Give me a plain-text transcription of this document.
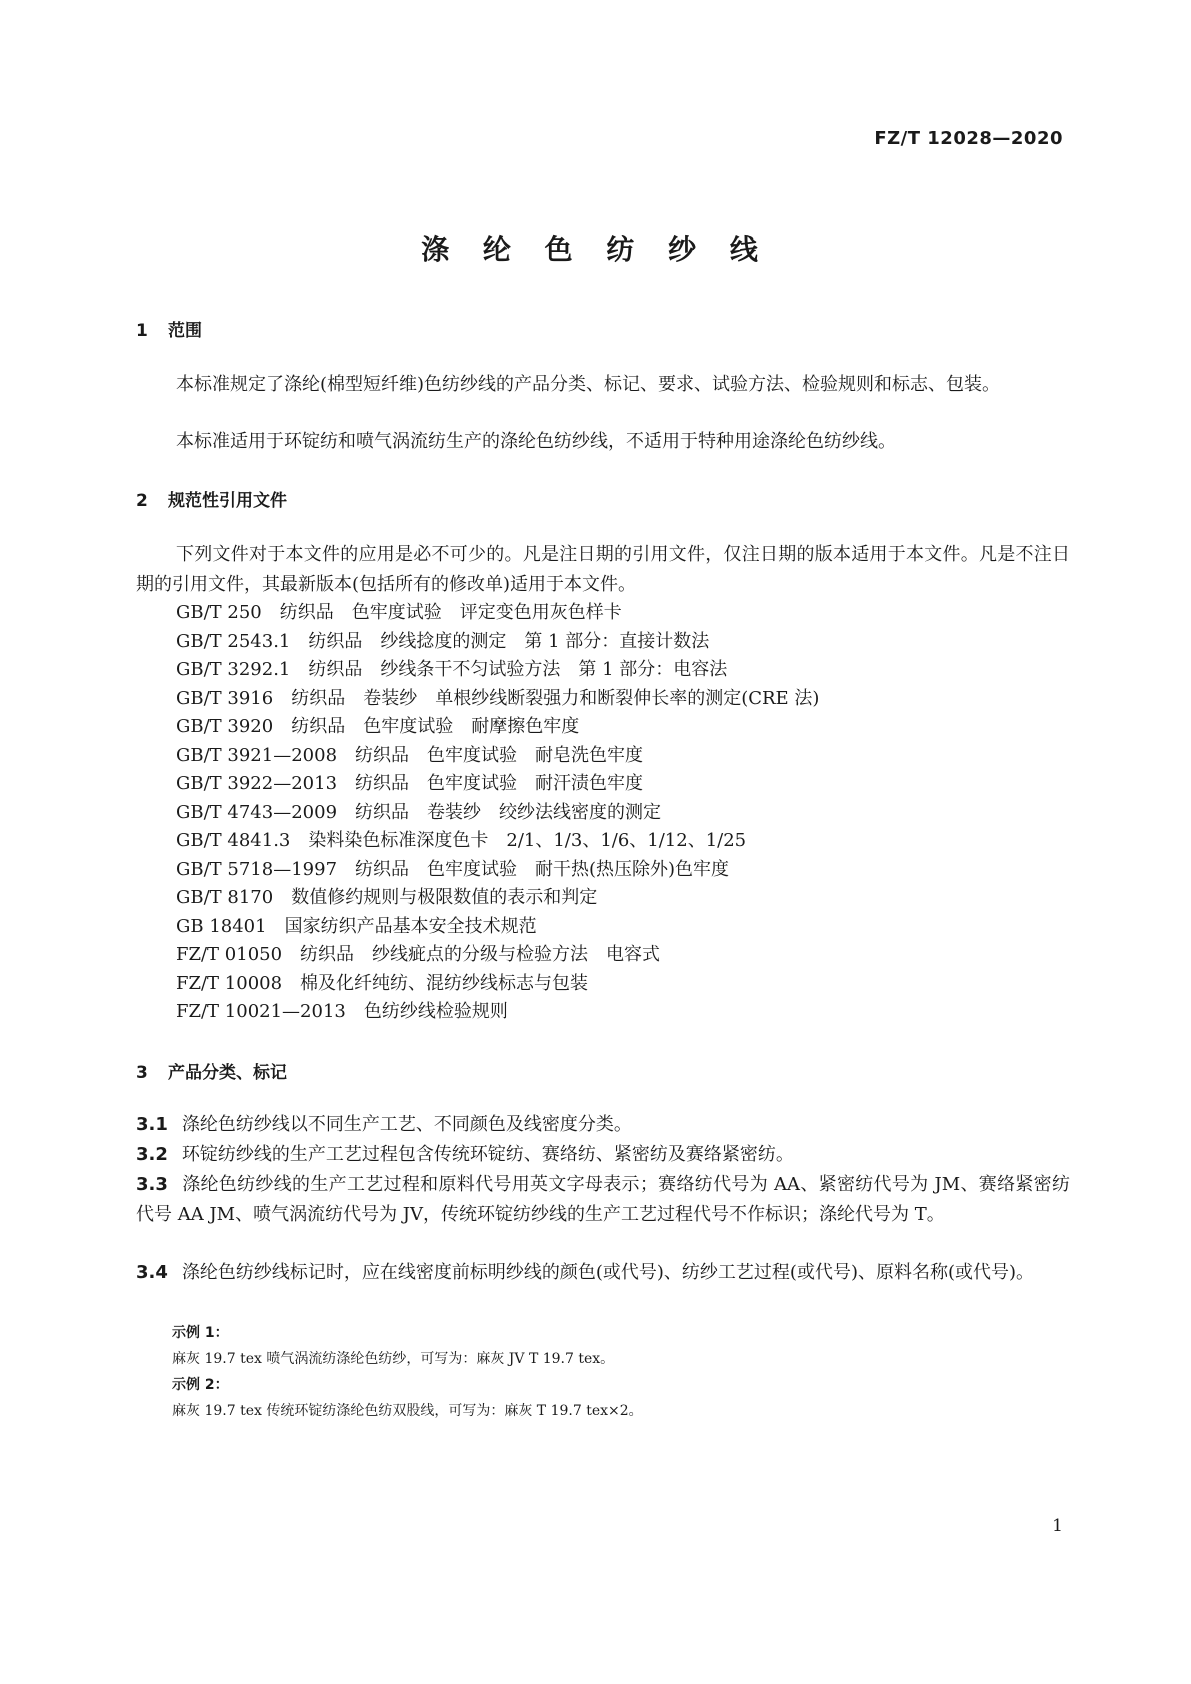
FZ/T 12028—2020
涤 纶 色 纺 纱 线
1 范围
本标准规定了涤纶(棉型短纤维)色纺纱线的产品分类、标记、要求、试验方法、检验规则和标志、包装。
本标准适用于环锭纺和喷气涡流纺生产的涤纶色纺纱线，不适用于特种用途涤纶色纺纱线。
2 规范性引用文件
下列文件对于本文件的应用是必不可少的。凡是注日期的引用文件，仅注日期的版本适用于本文件。凡是不注日期的引用文件，其最新版本(包括所有的修改单)适用于本文件。
GB/T 250　纺织品　色牢度试验　评定变色用灰色样卡
GB/T 2543.1　纺织品　纱线捻度的测定　第 1 部分：直接计数法
GB/T 3292.1　纺织品　纱线条干不匀试验方法　第 1 部分：电容法
GB/T 3916　纺织品　卷装纱　单根纱线断裂强力和断裂伸长率的测定(CRE 法)
GB/T 3920　纺织品　色牢度试验　耐摩擦色牢度
GB/T 3921—2008　纺织品　色牢度试验　耐皂洗色牢度
GB/T 3922—2013　纺织品　色牢度试验　耐汗渍色牢度
GB/T 4743—2009　纺织品　卷装纱　绞纱法线密度的测定
GB/T 4841.3　染料染色标准深度色卡　2/1、1/3、1/6、1/12、1/25
GB/T 5718—1997　纺织品　色牢度试验　耐干热(热压除外)色牢度
GB/T 8170　数值修约规则与极限数值的表示和判定
GB 18401　国家纺织产品基本安全技术规范
FZ/T 01050　纺织品　纱线疵点的分级与检验方法　电容式
FZ/T 10008　棉及化纤纯纺、混纺纱线标志与包装
FZ/T 10021—2013　色纺纱线检验规则
3 产品分类、标记
3.1 涤纶色纺纱线以不同生产工艺、不同颜色及线密度分类。
3.2 环锭纺纱线的生产工艺过程包含传统环锭纺、赛络纺、紧密纺及赛络紧密纺。
3.3 涤纶色纺纱线的生产工艺过程和原料代号用英文字母表示；赛络纺代号为 AA、紧密纺代号为 JM、赛络紧密纺代号 AA JM、喷气涡流纺代号为 JV，传统环锭纺纱线的生产工艺过程代号不作标识；涤纶代号为 T。
3.4 涤纶色纺纱线标记时，应在线密度前标明纱线的颜色(或代号)、纺纱工艺过程(或代号)、原料名称(或代号)。
示例 1：
麻灰 19.7 tex 喷气涡流纺涤纶色纺纱，可写为：麻灰 JV T 19.7 tex。
示例 2：
麻灰 19.7 tex 传统环锭纺涤纶色纺双股线，可写为：麻灰 T 19.7 tex×2。
1
